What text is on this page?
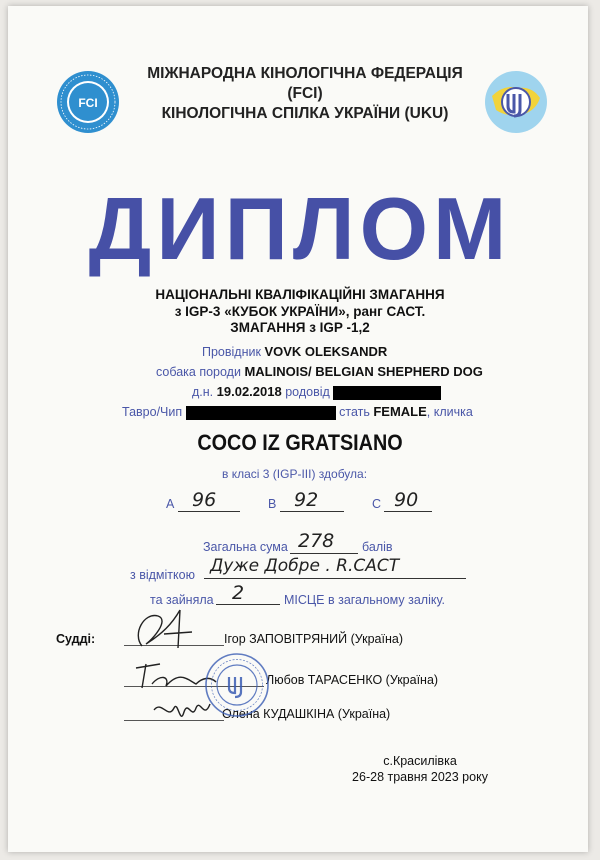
FCI
МІЖНАРОДНА КІНОЛОГІЧНА ФЕДЕРАЦІЯ (FCI)
КІНОЛОГІЧНА СПІЛКА УКРАЇНИ (UKU)
ДИПЛОМ
НАЦІОНАЛЬНІ КВАЛІФІКАЦІЙНІ ЗМАГАННЯ
з IGP-3 «КУБОК УКРАЇНИ», ранг САСТ.
ЗМАГАННЯ з IGP -1,2
Провідник VOVK OLEKSANDR
собака породи MALINOIS/ BELGIAN SHEPHERD DOG
д.н. 19.02.2018 родовід
Тавро/Чип	стать FEMALE, кличка
COCO IZ GRATSIANO
в класі 3 (IGP-III) здобула:
A 96	B 92	C 90
Загальна сума 278 балів
з відміткою Дуже Добре . R.CACT
та зайняла 2	МІСЦЕ в загальному заліку.
Судді:	Ігор ЗАПОВІТРЯНИЙ (Україна)
Любов ТАРАСЕНКО (Україна)
Олена КУДАШКІНА (Україна)
с.Красилівка
26-28 травня 2023 року
